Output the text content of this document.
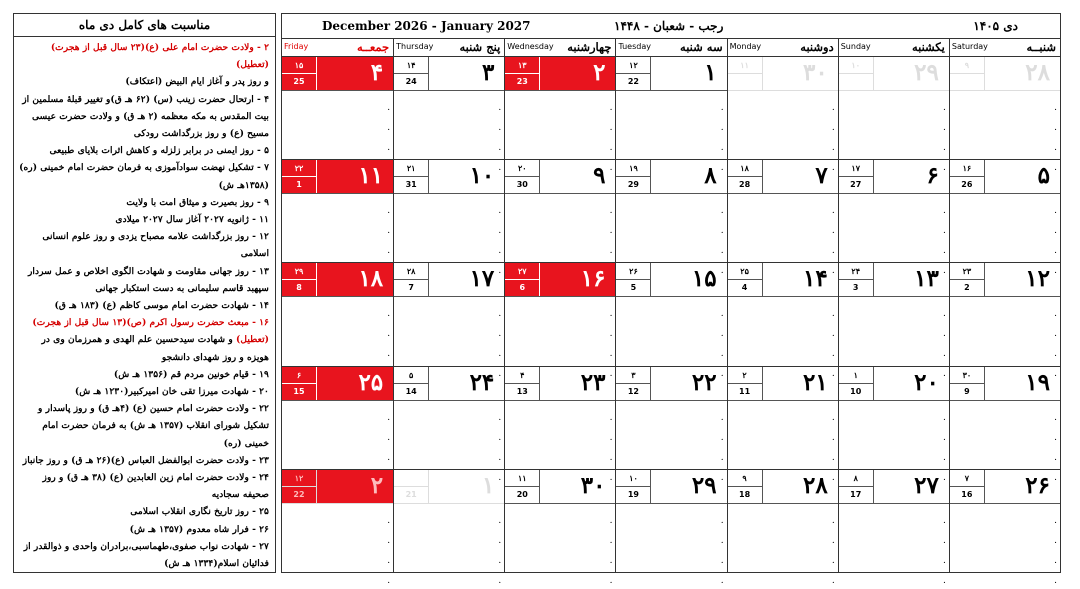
مناسبت های کامل دی ماه

۲ - ولادت حضرت امام علی (ع)(۲۳ سال قبل از هجرت)(تعطیل)

و روز پدر و آغاز ایام البیض (اعتکاف)

۴ - ارتحال حضرت زینب (س) (۶۲ هـ ق)و تغییر قبلهٔ مسلمین از

بیت المقدس به مکه معظمه (۲ هـ ق) و ولادت حضرت عیسی

مسیح (ع) و روز بزرگداشت رودکی

۵ - روز ایمنی در برابر زلزله و کاهش اثرات بلایای طبیعی

۷ - تشکیل نهضت سوادآموزی به فرمان حضرت امام خمینی (ره)

(۱۳۵۸هـ ش)

۹ - روز بصیرت و میثاق امت با ولایت

۱۱ - ژانویه ۲۰۲۷ آغاز سال ۲۰۲۷ میلادی

۱۲ - روز بزرگداشت علامه مصباح یزدی و روز علوم انسانی

اسلامی

۱۳ - روز جهانی مقاومت و شهادت الگوی اخلاص و عمل سردار

سپهبد قاسم سلیمانی به دست استکبار جهانی

۱۴ - شهادت حضرت امام موسی کاظم (ع) (۱۸۳ هـ ق)

۱۶ - مبعث حضرت رسول اکرم (ص)(۱۳ سال قبل از هجرت)

(تعطیل) و شهادت سیدحسین علم الهدی و همرزمان وی در

هویزه و روز شهدای دانشجو

۱۹ - قیام خونین مردم قم (۱۳۵۶ هـ ش)

۲۰ - شهادت میرزا تقی خان امیرکبیر(۱۲۳۰ هـ ش)

۲۲ - ولادت حضرت امام حسین (ع) (۴هـ ق) و روز پاسدار و

تشکیل شورای انقلاب (۱۳۵۷ هـ ش) به فرمان حضرت امام

خمینی (ره)

۲۳ - ولادت حضرت ابوالفضل العباس (ع)(۲۶ هـ ق) و روز جانباز

۲۴ - ولادت حضرت امام زین العابدین (ع) (۳۸ هـ ق) و روز

صحیفه سجادیه

۲۵ - روز تاریخ نگاری انقلاب اسلامی

۲۶ - فرار شاه معدوم (۱۳۵۷ هـ ش)

۲۷ - شهادت نواب صفوی،طهماسبی،برادران واحدی و ذوالقدر از

فدائیان اسلام(۱۳۳۴ هـ ش)

December 2026 - January 2027	رجب - شعبان - ۱۴۴۸	دی ۱۴۰۵
شنبــه
Saturday
یکشنبه
Sunday
دوشنبه
Monday
سه شنبه
Tuesday
چهارشنبه
Wednesday
پنج شنبه
Thursday
جمعــه
Friday
۲۸
۹
.
.
.
.
۲۹
۱۰
.
.
.
.
۳۰
۱۱
.
.
.
.
۱
۱۲
22
.
.
.
.
۲
۱۳
23
.
.
.
.
۳
۱۴
24
.
.
.
.
۴
۱۵
25
.
.
.
۵
۱۶
26
.
.
.
.
۶
۱۷
27
.
.
.
.
۷
۱۸
28
.
.
.
.
۸
۱۹
29
.
.
.
.
۹
۲۰
30
.
.
.
۱۰
۲۱
31
.
.
.
.
۱۱
۲۲
1
.
.
.
۱۲
۲۳
2
.
.
.
.
۱۳
۲۴
3
.
.
.
.
۱۴
۲۵
4
.
.
.
.
۱۵
۲۶
5
.
.
.
.
۱۶
۲۷
6
.
.
.
.
۱۷
۲۸
7
.
.
.
.
۱۸
۲۹
8
.
.
.
۱۹
۳۰
9
.
.
.
.
۲۰
۱
10
.
.
.
.
۲۱
۲
11
.
.
.
.
۲۲
۳
12
.
.
.
.
۲۳
۴
13
.
.
.
.
۲۴
۵
14
.
.
.
.
۲۵
۶
15
.
.
.
۲۶
۷
16
.
.
.
.
۲۷
۸
17
.
.
.
.
۲۸
۹
18
.
.
.
.
۲۹
۱۰
19
.
.
.
.
۳۰
۱۱
20
.
.
.
.
۱
21
.
.
.
.
۲
۱۲
22
.
.
.
.
